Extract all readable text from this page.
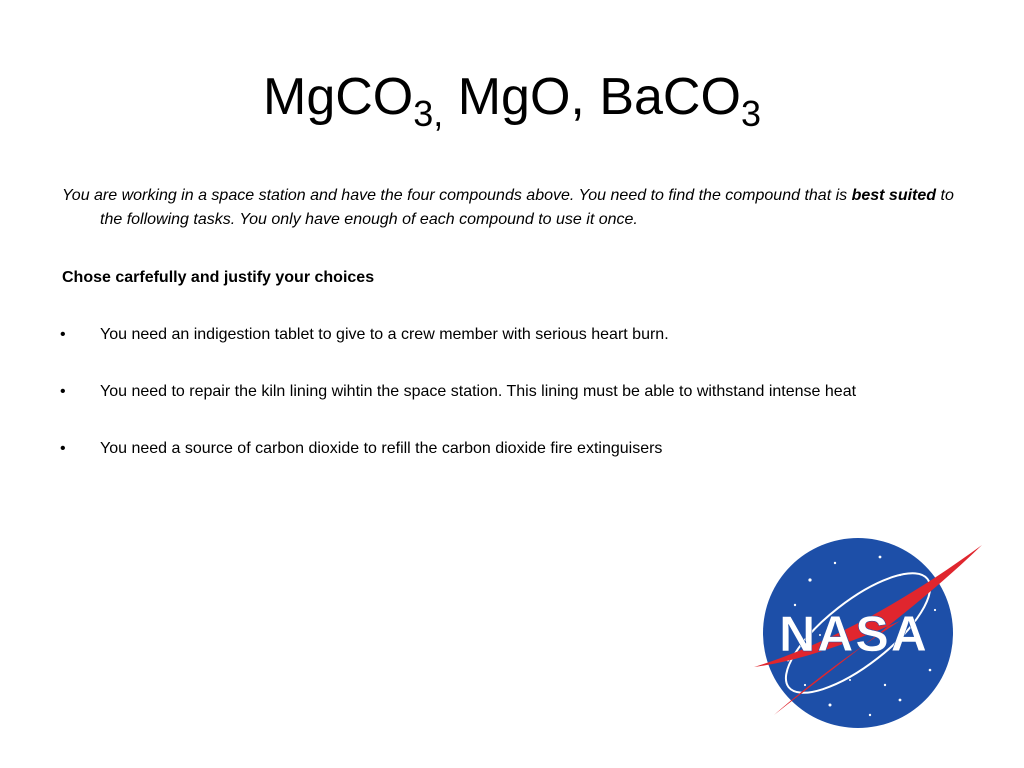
MgCO$_{3,}$ MgO, BaCO$_3$

You are working in a space station and have the four compounds above. You need to find the compound that is best suited to the following tasks. You only have enough of each compound to use it once.

Chose carfefully and justify your choices

• You need an indigestion tablet to give to a crew member with serious heart burn.
• You need to repair the kiln lining wihtin the space station. This lining must be able to withstand intense heat
• You need a source of carbon dioxide to refill the carbon dioxide fire extinguisers
NASA
